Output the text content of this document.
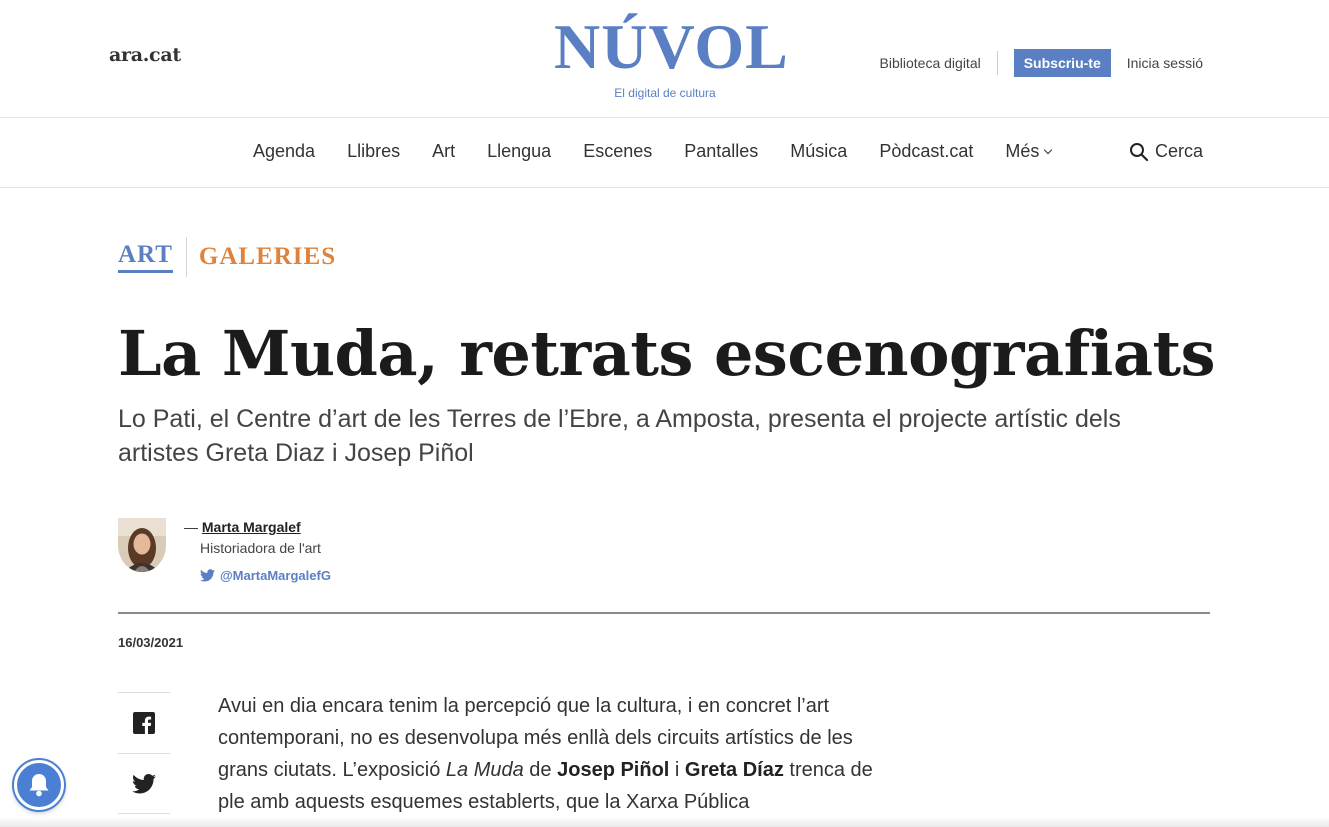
ara.cat	NÚVOL
El digital de cultura
Biblioteca digital	Subscriu-te	Inicia sessió
Agenda Llibres Art Llengua Escenes Pantalles Música Pòdcast.cat Més	Cerca
ART GALERIES
La Muda, retrats escenografiats

Lo Pati, el Centre d’art de les Terres de l’Ebre, a Amposta, presenta el projecte artístic dels artistes Greta Diaz i Josep Piñol

— Marta Margalef
Historiadora de l'art
@MartaMargalefG
16/03/2021
Avui en dia encara tenim la percepció que la cultura, i en concret l’art contemporani, no es desenvolupa més enllà dels circuits artístics de les grans ciutats. L’exposició La Muda de Josep Piñol i Greta Díaz trenca de ple amb aquests esquemes establerts, que la Xarxa Pública
